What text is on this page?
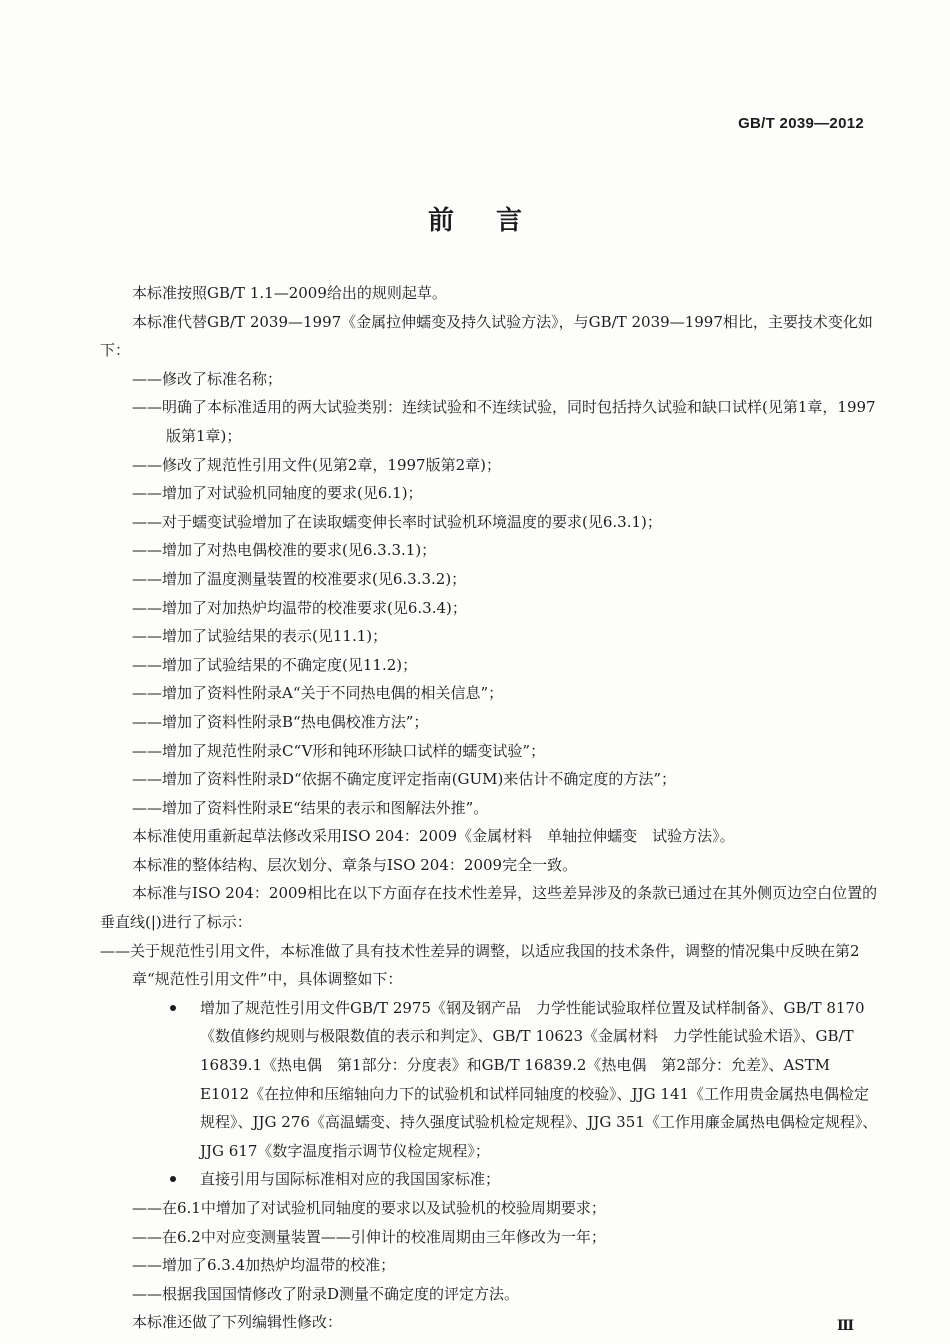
GB/T 2039—2012
前言

本标准按照GB/T 1.1—2009给出的规则起草。

本标准代替GB/T 2039—1997《金属拉伸蠕变及持久试验方法》，与GB/T 2039—1997相比，主要技术变化如下：

——修改了标准名称；

——明确了本标准适用的两大试验类别：连续试验和不连续试验，同时包括持久试验和缺口试样(见第1章，1997版第1章)；

——修改了规范性引用文件(见第2章，1997版第2章)；

——增加了对试验机同轴度的要求(见6.1)；

——对于蠕变试验增加了在读取蠕变伸长率时试验机环境温度的要求(见6.3.1)；

——增加了对热电偶校准的要求(见6.3.3.1)；

——增加了温度测量装置的校准要求(见6.3.3.2)；

——增加了对加热炉均温带的校准要求(见6.3.4)；

——增加了试验结果的表示(见11.1)；

——增加了试验结果的不确定度(见11.2)；

——增加了资料性附录A“关于不同热电偶的相关信息”；

——增加了资料性附录B“热电偶校准方法”；

——增加了规范性附录C“V形和钝环形缺口试样的蠕变试验”；

——增加了资料性附录D“依据不确定度评定指南(GUM)来估计不确定度的方法”；

——增加了资料性附录E“结果的表示和图解法外推”。

本标准使用重新起草法修改采用ISO 204：2009《金属材料　单轴拉伸蠕变　试验方法》。

本标准的整体结构、层次划分、章条与ISO 204：2009完全一致。

本标准与ISO 204：2009相比在以下方面存在技术性差异，这些差异涉及的条款已通过在其外侧页边空白位置的垂直线(|)进行了标示：

——关于规范性引用文件，本标准做了具有技术性差异的调整，以适应我国的技术条件，调整的情况集中反映在第2章“规范性引用文件”中，具体调整如下：

增加了规范性引用文件GB/T 2975《钢及钢产品　力学性能试验取样位置及试样制备》、GB/T 8170《数值修约规则与极限数值的表示和判定》、GB/T 10623《金属材料　力学性能试验术语》、GB/T 16839.1《热电偶　第1部分：分度表》和GB/T 16839.2《热电偶　第2部分：允差》、ASTM E1012《在拉伸和压缩轴向力下的试验机和试样同轴度的校验》、JJG 141《工作用贵金属热电偶检定规程》、JJG 276《高温蠕变、持久强度试验机检定规程》、JJG 351《工作用廉金属热电偶检定规程》、JJG 617《数字温度指示调节仪检定规程》；
直接引用与国际标准相对应的我国国家标准；

——在6.1中增加了对试验机同轴度的要求以及试验机的校验周期要求；

——在6.2中对应变测量装置——引伸计的校准周期由三年修改为一年；

——增加了6.3.4加热炉均温带的校准；

——根据我国国情修改了附录D测量不确定度的评定方法。

本标准还做了下列编辑性修改：	Ⅲ
